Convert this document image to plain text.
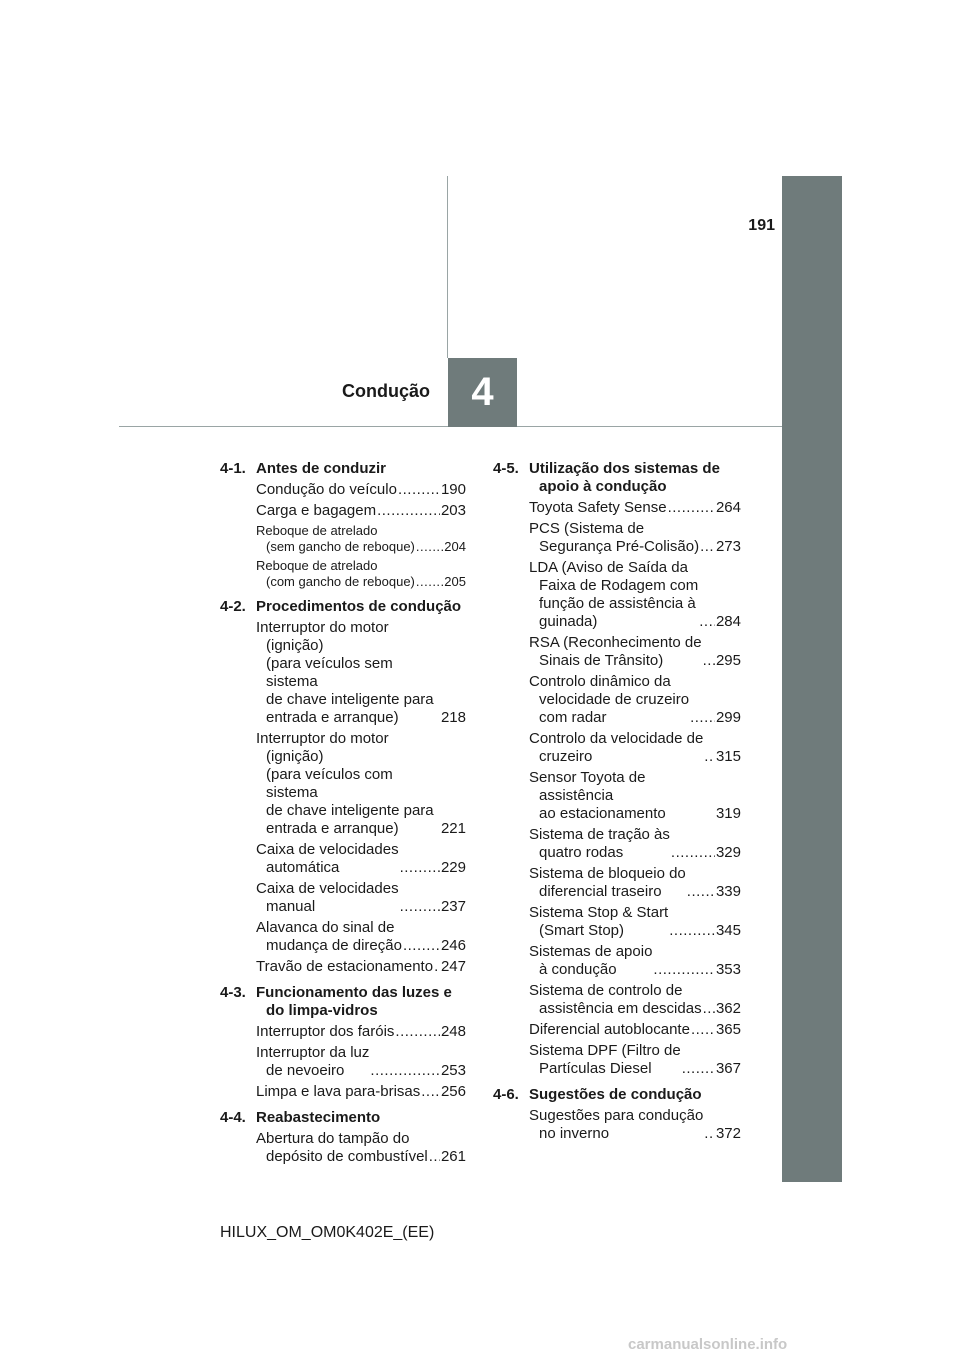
191
Condução	4
4-1. Antes de conduzir
Condução do veículo .....	190
Carga e bagagem .....	203
Reboque de atrelado
(sem gancho de reboque) ..... 204
Reboque de atrelado
(com gancho de reboque) ..... 205
4-2. Procedimentos de condução
Interruptor do motor (ignição)
(para veículos sem sistema
de chave inteligente para
entrada e arranque)	218
Interruptor do motor (ignição)
(para veículos com sistema
de chave inteligente para
entrada e arranque)	221
Caixa de velocidades
automática .....	229
Caixa de velocidades
manual .....	237
Alavanca do sinal de
mudança de direção .....	246
Travão de estacionamento ..... 247
4-3. Funcionamento das luzes e do limpa-vidros
Interruptor dos faróis .....	248
Interruptor da luz
de nevoeiro .....	253
Limpa e lava para-brisas ..... 256
4-4. Reabastecimento
Abertura do tampão do
depósito de combustível ..... 261
4-5. Utilização dos sistemas de apoio à condução
Toyota Safety Sense .....	264
PCS (Sistema de
Segurança Pré-Colisão) ..... 273
LDA (Aviso de Saída da
Faixa de Rodagem com
função de assistência à
guinada) .....	284
RSA (Reconhecimento de
Sinais de Trânsito) .....	295
Controlo dinâmico da
velocidade de cruzeiro
com radar .....	299
Controlo da velocidade de
cruzeiro .....	315
Sensor Toyota de assistência
ao estacionamento	319
Sistema de tração às
quatro rodas .....	329
Sistema de bloqueio do
diferencial traseiro .....	339
Sistema Stop & Start
(Smart Stop) .....	345
Sistemas de apoio
à condução .....	353
Sistema de controlo de
assistência em descidas ..... 362
Diferencial autoblocante ..... 365
Sistema DPF (Filtro de
Partículas Diesel .....	367
4-6. Sugestões de condução
Sugestões para condução
no inverno .....	372
HILUX_OM_OM0K402E_(EE)
carmanualsonline.info
